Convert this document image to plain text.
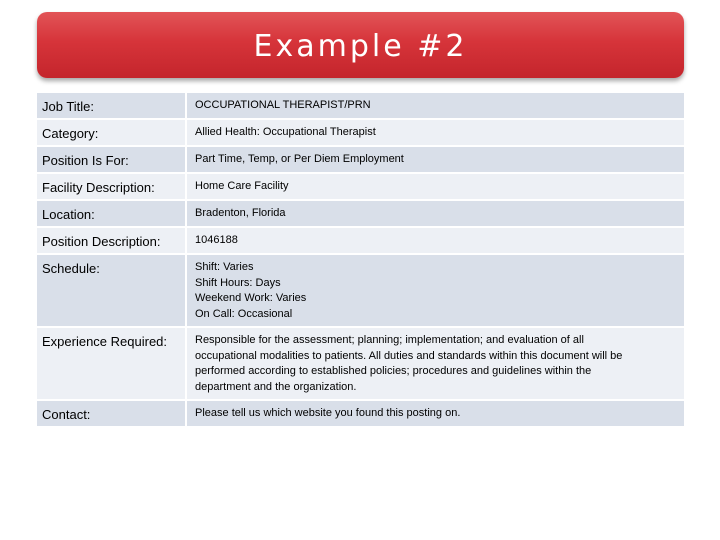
Example #2
Job Title:	OCCUPATIONAL THERAPIST/PRN
Category:	Allied Health: Occupational Therapist
Position Is For:	Part Time, Temp, or Per Diem Employment
Facility Description:	Home Care Facility
Location:	Bradenton, Florida
Position Description:	1046188
Schedule:	Shift: Varies
Shift Hours: Days
Weekend Work: Varies
On Call: Occasional
Experience Required:	Responsible for the assessment; planning; implementation; and evaluation of all
occupational modalities to patients. All duties and standards within this document will be
performed according to established policies; procedures and guidelines within the
department and the organization.
Contact:	Please tell us which website you found this posting on.
